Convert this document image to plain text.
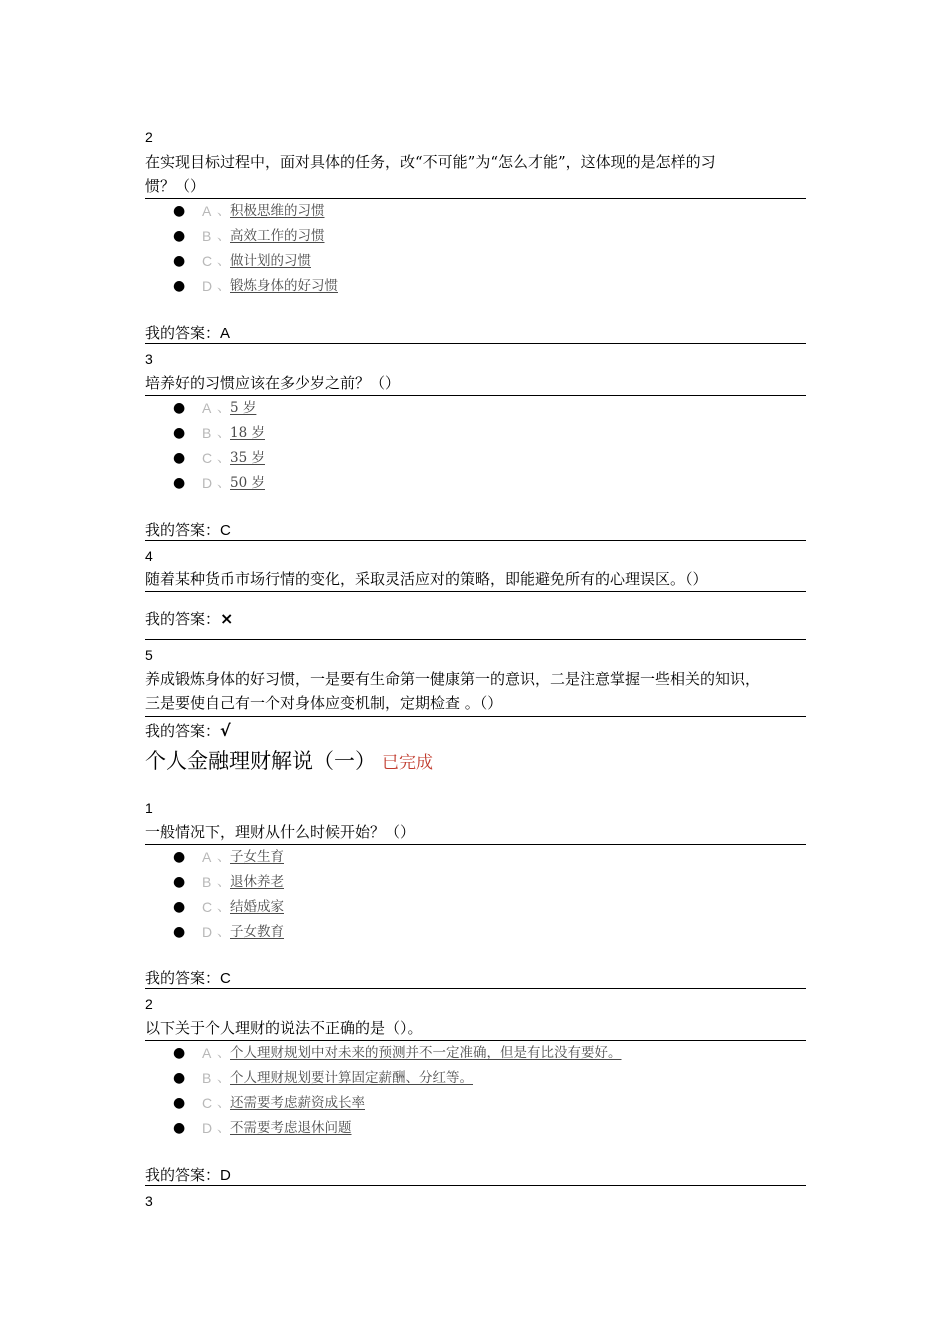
2
在实现目标过程中，面对具体的任务，改“不可能”为“怎么才能”，这体现的是怎样的习
惯？（）
● A 、 积极思维的习惯
● B 、 高效工作的习惯
● C 、 做计划的习惯
● D 、 锻炼身体的好习惯
我的答案：A
3
培养好的习惯应该在多少岁之前？（）
● A 、 5 岁
● B 、 18 岁
● C 、 35 岁
● D 、 50 岁
我的答案：C
4
随着某种货币市场行情的变化，采取灵活应对的策略，即能避免所有的心理误区。（）
我的答案：×
5
养成锻炼身体的好习惯，一是要有生命第一健康第一的意识，二是注意掌握一些相关的知识，
三是要使自己有一个对身体应变机制，定期检查 。（）
我的答案：√
个人金融理财解说（一） 已完成
1
一般情况下，理财从什么时候开始？（）
● A 、 子女生育
● B 、 退休养老
● C 、 结婚成家
● D 、 子女教育
我的答案：C
2
以下关于个人理财的说法不正确的是（）。
● A 、 个人理财规划中对未来的预测并不一定准确，但是有比没有要好。
● B 、 个人理财规划要计算固定薪酬、分红等。
● C 、 还需要考虑薪资成长率
● D 、 不需要考虑退休问题
我的答案：D
3
